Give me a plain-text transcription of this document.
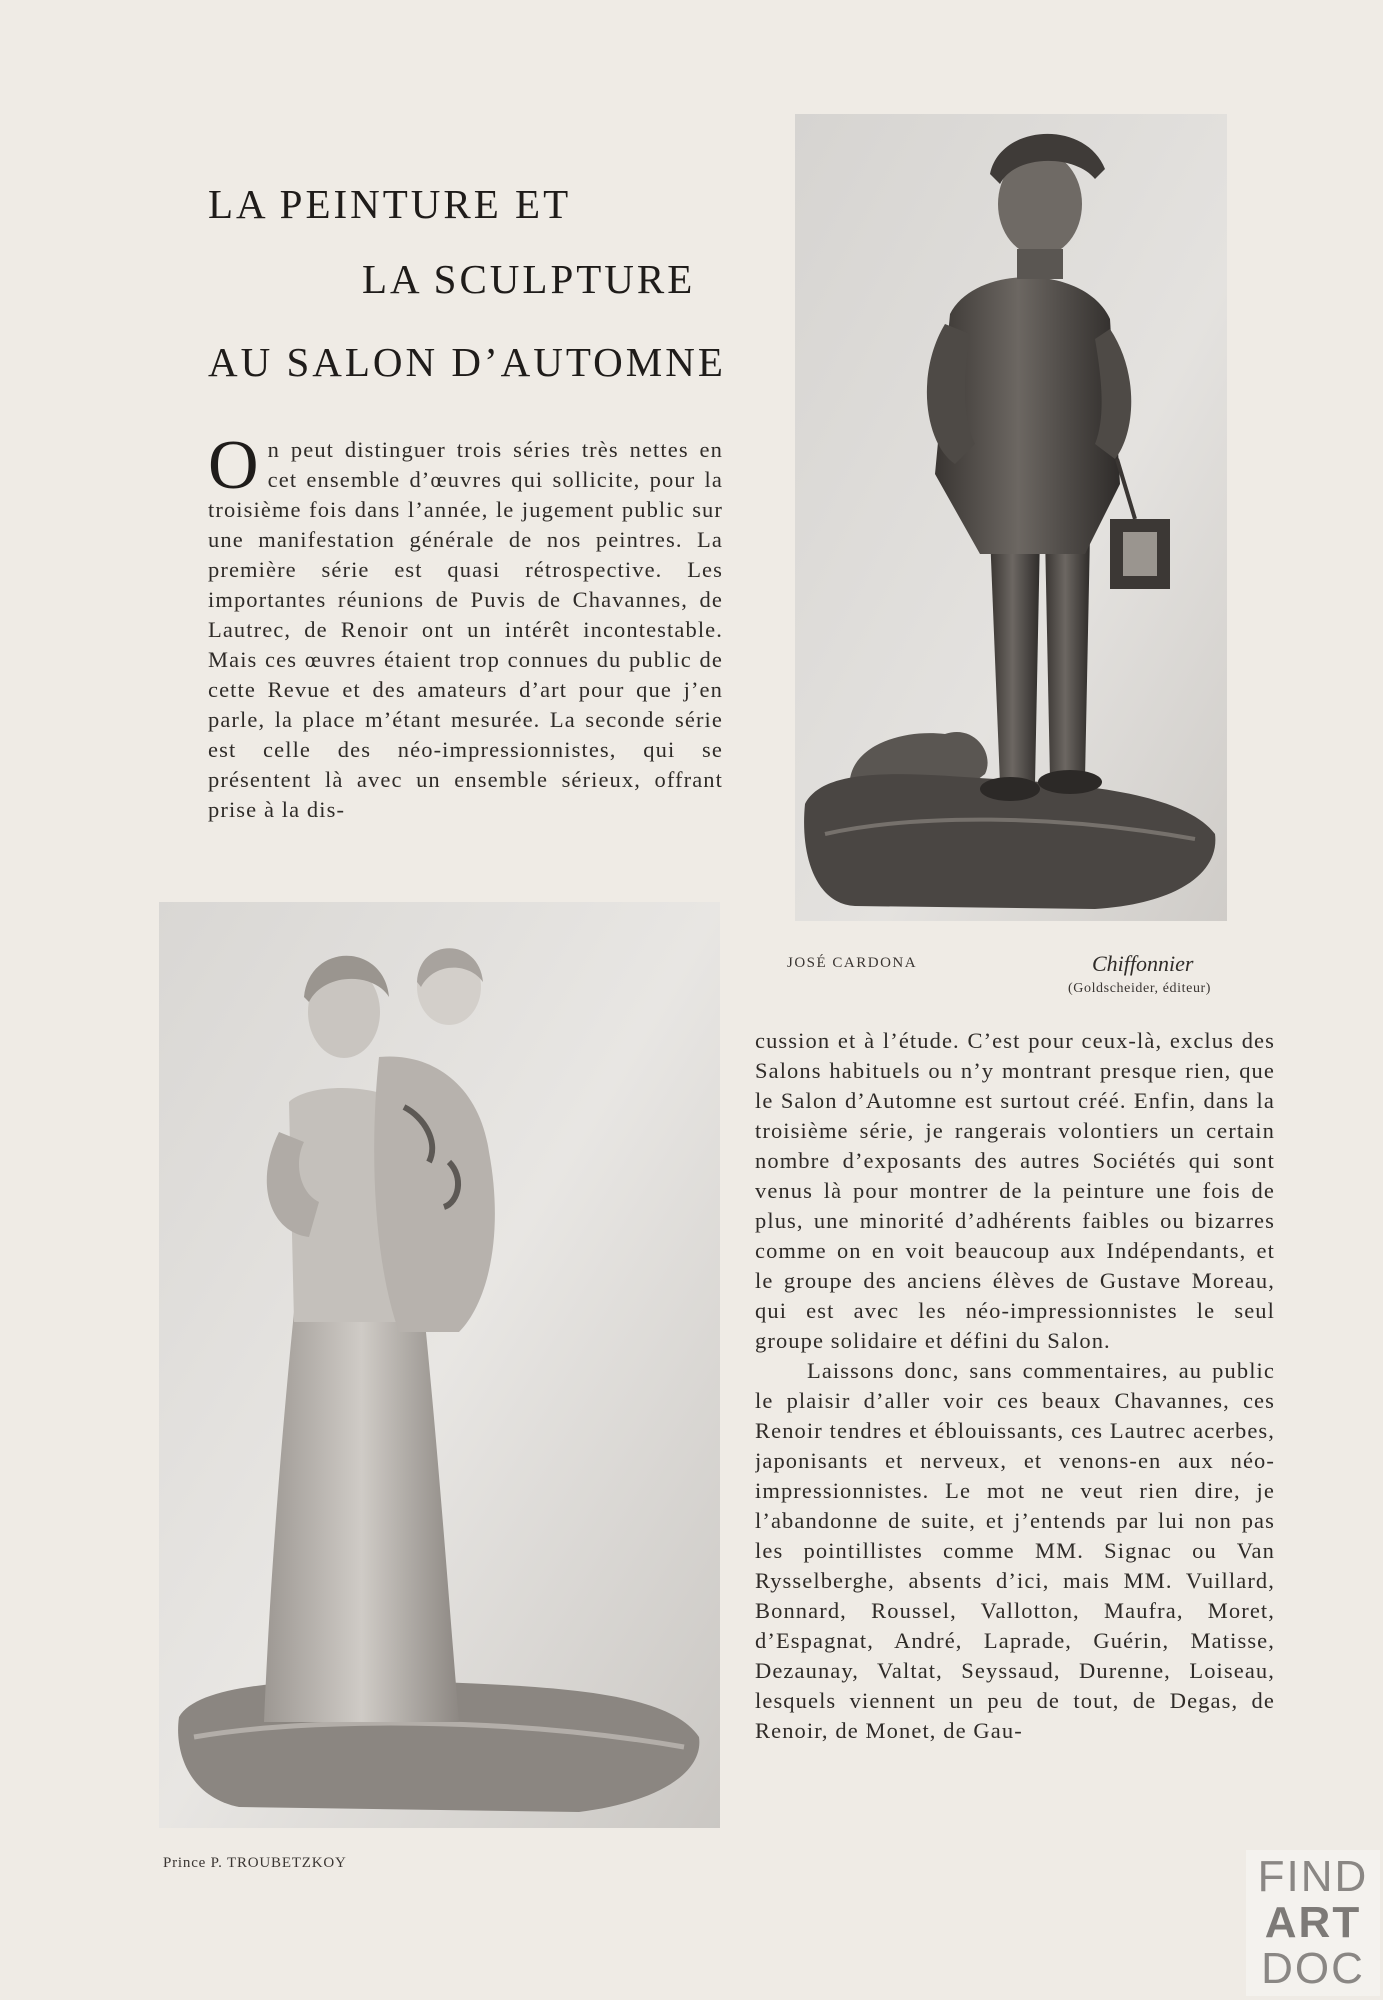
LA PEINTURE ET
LA SCULPTURE
AU SALON D’AUTOMNE

On peut distinguer trois séries très nettes en cet ensemble d’œuvres qui sollicite, pour la troisième fois dans l’année, le jugement public sur une manifestation générale de nos peintres. La première série est quasi rétrospective. Les importantes réunions de Puvis de Chavannes, de Lautrec, de Renoir ont un intérêt incontestable. Mais ces œuvres étaient trop connues du public de cette Revue et des amateurs d’art pour que j’en parle, la place m’étant mesurée. La seconde série est celle des néo-impressionnistes, qui se présentent là avec un ensemble sérieux, offrant prise à la dis-

cussion et à l’étude. C’est pour ceux-là, exclus des Salons habituels ou n’y montrant presque rien, que le Salon d’Automne est surtout créé. Enfin, dans la troisième série, je rangerais volontiers un certain nombre d’exposants des autres Sociétés qui sont venus là pour montrer de la peinture une fois de plus, une minorité d’adhérents faibles ou bizarres comme on en voit beaucoup aux Indépendants, et le groupe des anciens élèves de Gustave Moreau, qui est avec les néo-impressionnistes le seul groupe solidaire et défini du Salon.

Laissons donc, sans commentaires, au public le plaisir d’aller voir ces beaux Chavannes, ces Renoir tendres et éblouissants, ces Lautrec acerbes, japonisants et nerveux, et venons-en aux néo-impressionnistes. Le mot ne veut rien dire, je l’abandonne de suite, et j’entends par lui non pas les pointillistes comme MM. Signac ou Van Rysselberghe, absents d’ici, mais MM. Vuillard, Bonnard, Roussel, Vallotton, Maufra, Moret, d’Espagnat, André, Laprade, Guérin, Matisse, Dezaunay, Valtat, Seyssaud, Durenne, Loiseau, lesquels viennent un peu de tout, de Degas, de Renoir, de Monet, de Gau-

JOSÉ CARDONA	Chiffonnier
(Goldscheider, éditeur)
Prince P. TROUBETZKOY	FIND
ART
DOC
